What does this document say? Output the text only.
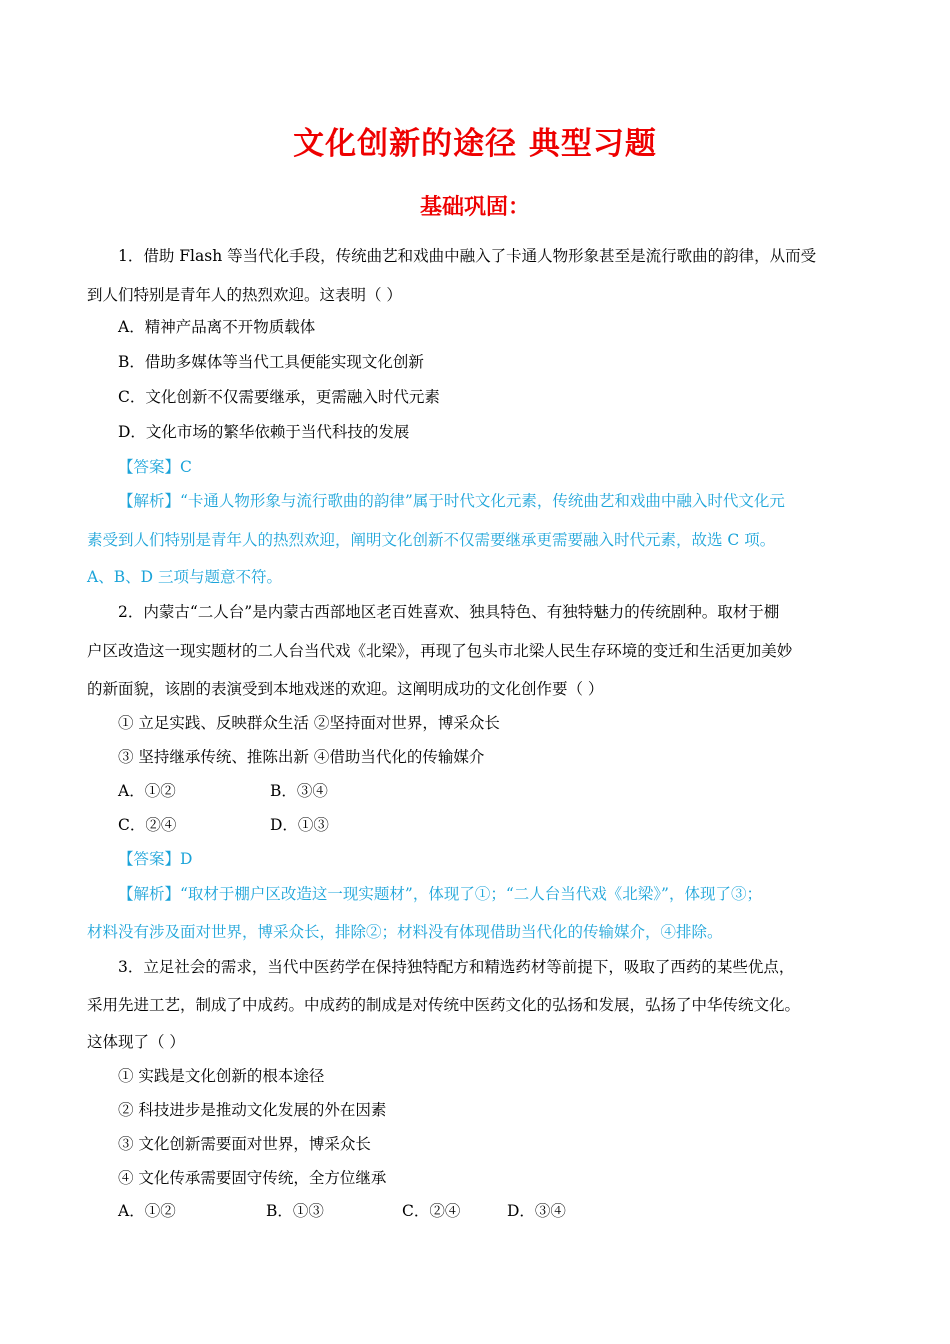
文化创新的途径 典型习题
基础巩固：
1．借助 Flash 等当代化手段，传统曲艺和戏曲中融入了卡通人物形象甚至是流行歌曲的韵律，从而受
到人们特别是青年人的热烈欢迎。这表明（ ）
A．精神产品离不开物质载体
B．借助多媒体等当代工具便能实现文化创新
C．文化创新不仅需要继承，更需融入时代元素
D．文化市场的繁华依赖于当代科技的发展
【答案】C
【解析】“卡通人物形象与流行歌曲的韵律”属于时代文化元素，传统曲艺和戏曲中融入时代文化元
素受到人们特别是青年人的热烈欢迎，阐明文化创新不仅需要继承更需要融入时代元素，故选 C 项。
A、B、D 三项与题意不符。
2．内蒙古“二人台”是内蒙古西部地区老百姓喜欢、独具特色、有独特魅力的传统剧种。取材于棚
户区改造这一现实题材的二人台当代戏《北梁》，再现了包头市北梁人民生存环境的变迁和生活更加美妙
的新面貌，该剧的表演受到本地戏迷的欢迎。这阐明成功的文化创作要（ ）
① 立足实践、反映群众生活 ②坚持面对世界，博采众长
③ 坚持继承传统、推陈出新 ④借助当代化的传输媒介
A．①②	B．③④
C．②④	D．①③
【答案】D
【解析】“取材于棚户区改造这一现实题材”，体现了①；“二人台当代戏《北梁》”，体现了③；
材料没有涉及面对世界，博采众长，排除②；材料没有体现借助当代化的传输媒介，④排除。
3．立足社会的需求，当代中医药学在保持独特配方和精选药材等前提下，吸取了西药的某些优点，
采用先进工艺，制成了中成药。中成药的制成是对传统中医药文化的弘扬和发展，弘扬了中华传统文化。
这体现了（ ）
① 实践是文化创新的根本途径
② 科技进步是推动文化发展的外在因素
③ 文化创新需要面对世界，博采众长
④ 文化传承需要固守传统，全方位继承
A．①②	B．①③	C．②④	D．③④
